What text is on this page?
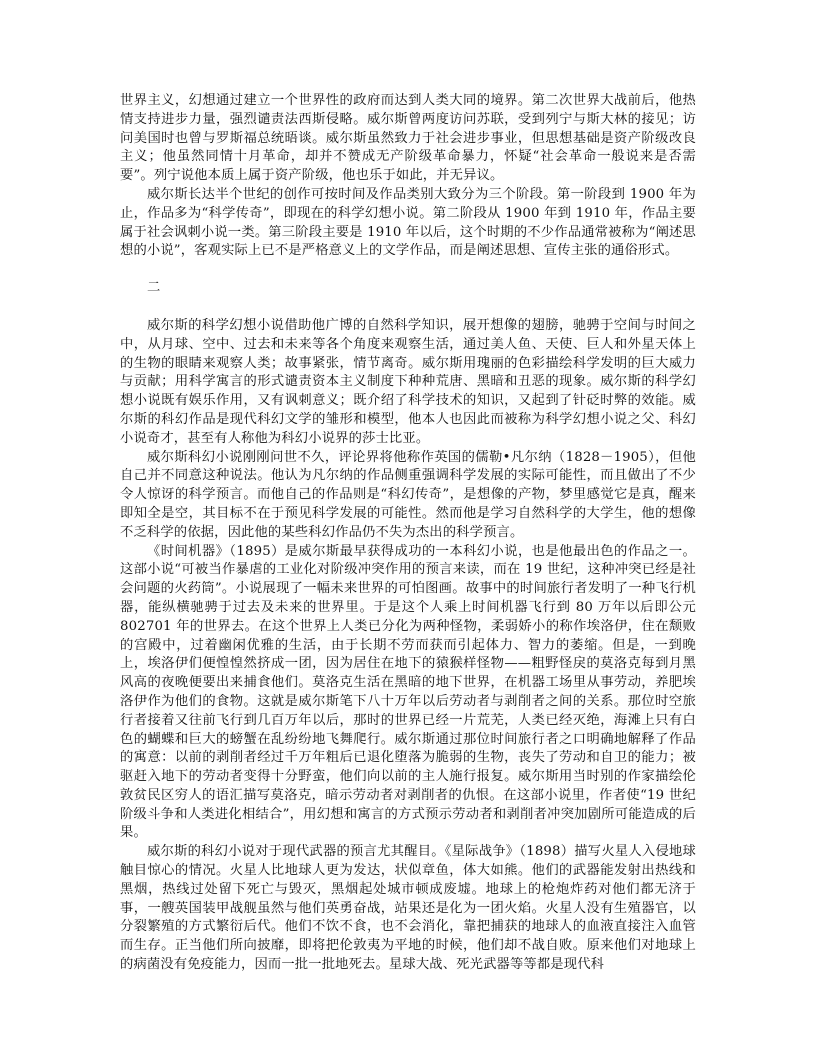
世界主义，幻想通过建立一个世界性的政府而达到人类大同的境界。第二次世界大战前后，他热情支持进步力量，强烈谴责法西斯侵略。威尔斯曾两度访问苏联，受到列宁与斯大林的接见；访问美国时也曾与罗斯福总统晤谈。威尔斯虽然致力于社会进步事业，但思想基础是资产阶级改良主义；他虽然同情十月革命，却并不赞成无产阶级革命暴力，怀疑“社会革命一般说来是否需要”。列宁说他本质上属于资产阶级，他也乐于如此，并无异议。

威尔斯长达半个世纪的创作可按时间及作品类别大致分为三个阶段。第一阶段到 1900 年为止，作品多为“科学传奇”，即现在的科学幻想小说。第二阶段从 1900 年到 1910 年，作品主要属于社会讽刺小说一类。第三阶段主要是 1910 年以后，这个时期的不少作品通常被称为“阐述思想的小说”，客观实际上已不是严格意义上的文学作品，而是阐述思想、宣传主张的通俗形式。

二

威尔斯的科学幻想小说借助他广博的自然科学知识，展开想像的翅膀，驰骋于空间与时间之中，从月球、空中、过去和未来等各个角度来观察生活，通过美人鱼、天使、巨人和外星天体上的生物的眼睛来观察人类；故事紧张，情节离奇。威尔斯用瑰丽的色彩描绘科学发明的巨大威力与贡献；用科学寓言的形式谴责资本主义制度下种种荒唐、黑暗和丑恶的现象。威尔斯的科学幻想小说既有娱乐作用，又有讽刺意义；既介绍了科学技术的知识，又起到了针砭时弊的效能。威尔斯的科幻作品是现代科幻文学的雏形和模型，他本人也因此而被称为科学幻想小说之父、科幻小说奇才，甚至有人称他为科幻小说界的莎士比亚。

威尔斯科幻小说刚刚问世不久，评论界将他称作英国的儒勒•凡尔纳（1828－1905），但他自己并不同意这种说法。他认为凡尔纳的作品侧重强调科学发展的实际可能性，而且做出了不少令人惊讶的科学预言。而他自己的作品则是“科幻传奇”，是想像的产物，梦里感觉它是真，醒来即知全是空，其目标不在于预见科学发展的可能性。然而他是学习自然科学的大学生，他的想像不乏科学的依据，因此他的某些科幻作品仍不失为杰出的科学预言。

《时间机器》（1895）是威尔斯最早获得成功的一本科幻小说，也是他最出色的作品之一。这部小说“可被当作暴虐的工业化对阶级冲突作用的预言来读，而在 19 世纪，这种冲突已经是社会问题的火药筒”。小说展现了一幅未来世界的可怕图画。故事中的时间旅行者发明了一种飞行机器，能纵横驰骋于过去及未来的世界里。于是这个人乘上时间机器飞行到 80 万年以后即公元 802701 年的世界去。在这个世界上人类已分化为两种怪物，柔弱娇小的称作埃洛伊，住在颓败的宫殿中，过着幽闲优雅的生活，由于长期不劳而获而引起体力、智力的萎缩。但是，一到晚上，埃洛伊们便惶惶然挤成一团，因为居住在地下的猿猴样怪物——粗野怪戾的莫洛克每到月黑风高的夜晚便要出来捕食他们。莫洛克生活在黑暗的地下世界，在机器工场里从事劳动，养肥埃洛伊作为他们的食物。这就是威尔斯笔下八十万年以后劳动者与剥削者之间的关系。那位时空旅行者接着又往前飞行到几百万年以后，那时的世界已经一片荒芜，人类已经灭绝，海滩上只有白色的蝴蝶和巨大的螃蟹在乱纷纷地飞舞爬行。威尔斯通过那位时间旅行者之口明确地解释了作品的寓意：以前的剥削者经过千万年粗后已退化堕落为脆弱的生物，丧失了劳动和自卫的能力；被驱赶入地下的劳动者变得十分野蛮，他们向以前的主人施行报复。威尔斯用当时别的作家描绘伦敦贫民区穷人的语汇描写莫洛克，暗示劳动者对剥削者的仇恨。在这部小说里，作者使“19 世纪阶级斗争和人类进化相结合”，用幻想和寓言的方式预示劳动者和剥削者冲突加剧所可能造成的后果。

威尔斯的科幻小说对于现代武器的预言尤其醒目。《星际战争》（1898）描写火星人入侵地球触目惊心的情况。火星人比地球人更为发达，状似章鱼，体大如熊。他们的武器能发射出热线和黑烟，热线过处留下死亡与毁灭，黑烟起处城市顿成废墟。地球上的枪炮炸药对他们都无济于事，一艘英国装甲战舰虽然与他们英勇奋战，站果还是化为一团火焰。火星人没有生殖器官，以分裂繁殖的方式繁衍后代。他们不饮不食，也不会消化，靠把捕获的地球人的血液直接注入血管而生存。正当他们所向披靡，即将把伦敦夷为平地的时候，他们却不战自败。原来他们对地球上的病菌没有免疫能力，因而一批一批地死去。星球大战、死光武器等等都是现代科
